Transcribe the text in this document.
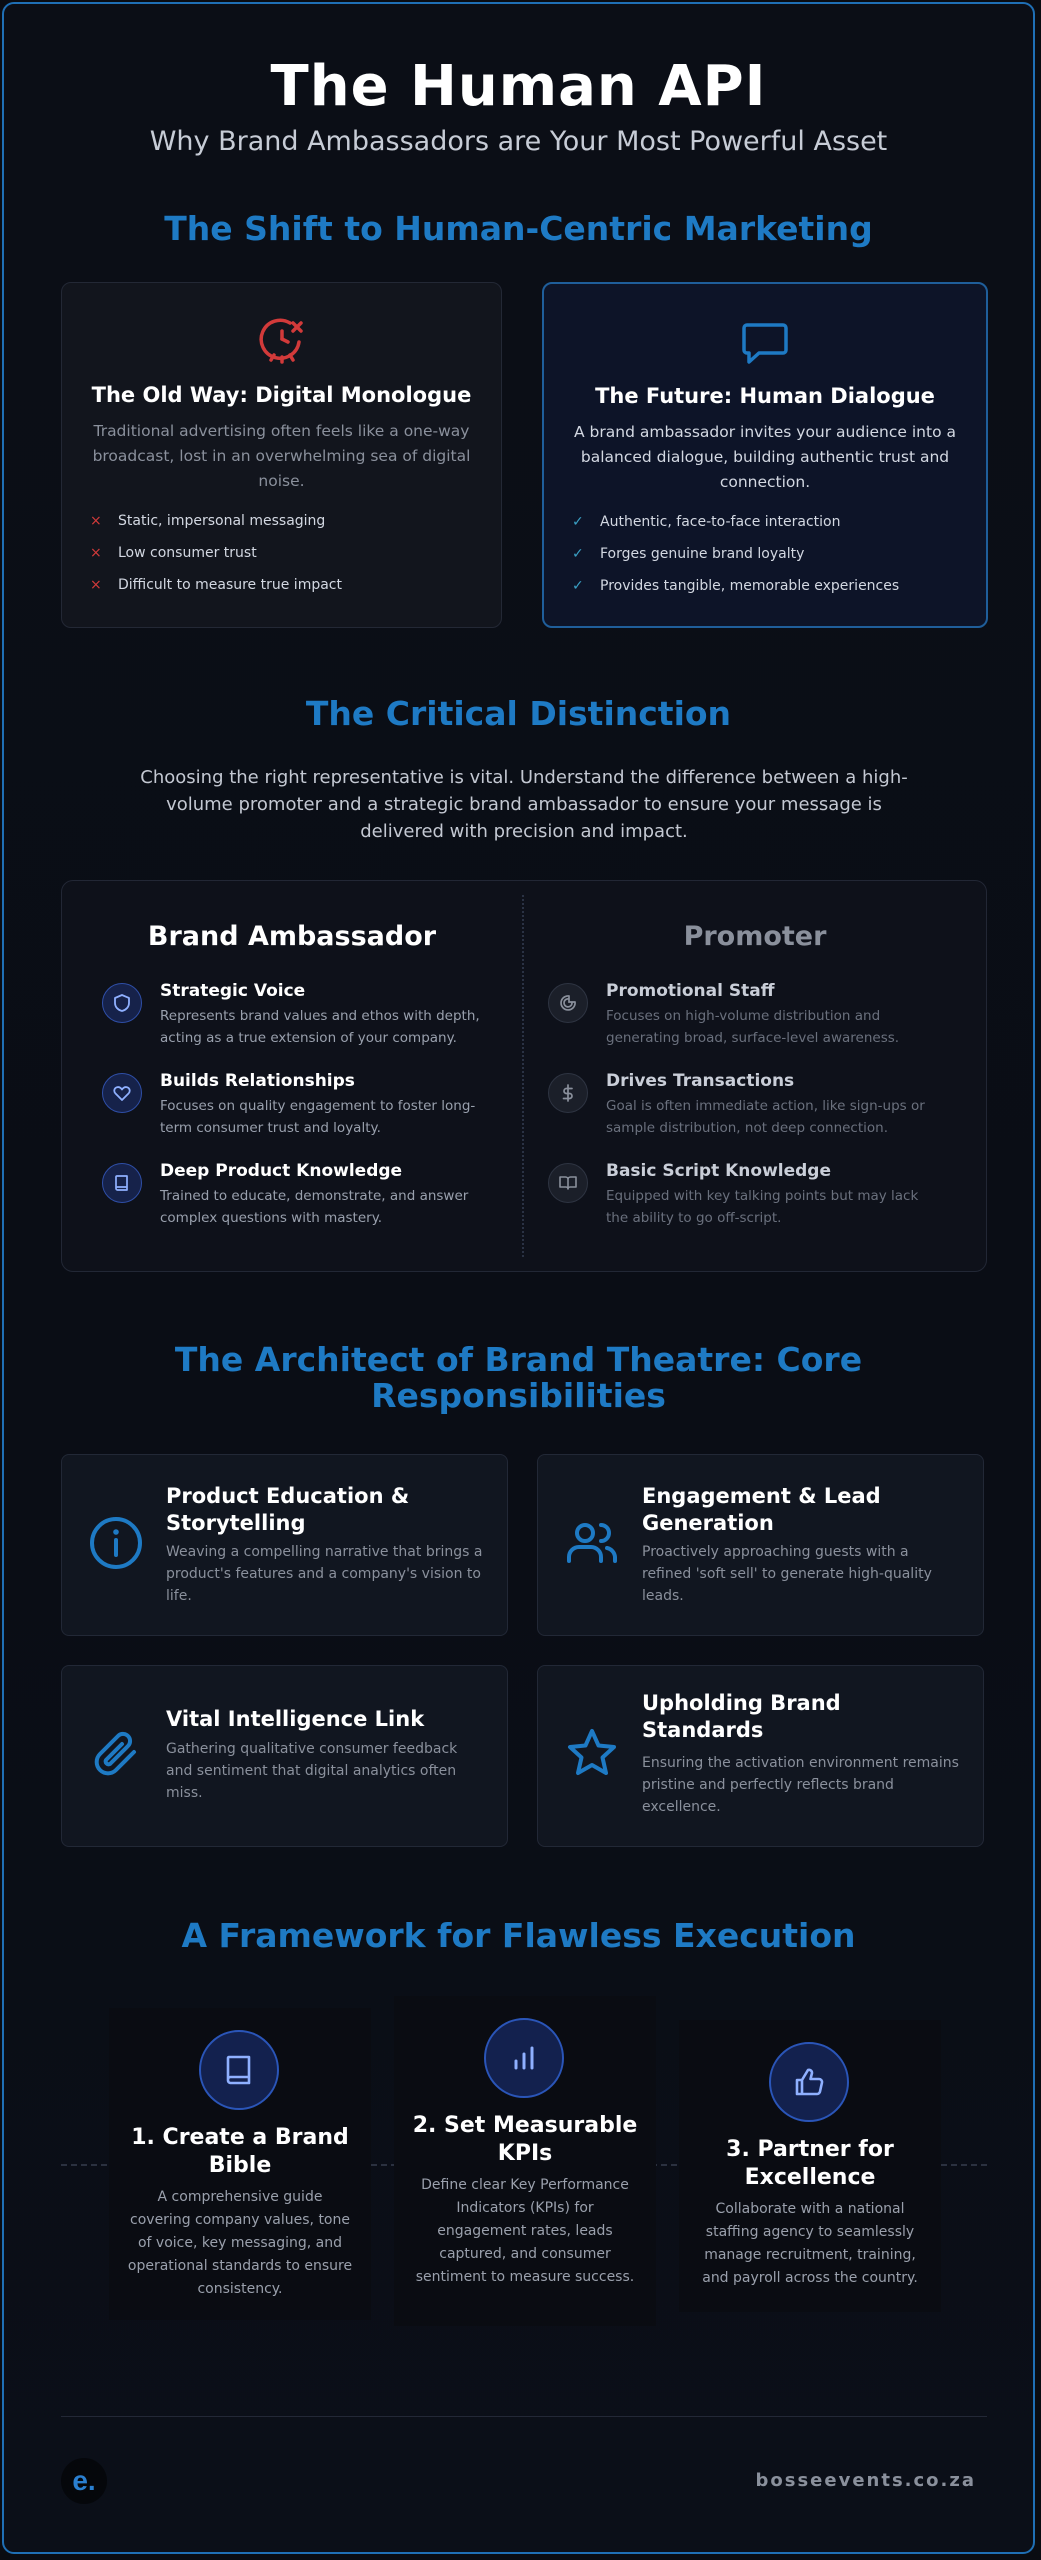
The Human API
Why Brand Ambassadors are Your Most Powerful Asset
The Shift to Human-Centric Marketing
The Old Way: Digital Monologue
Traditional advertising often feels like a one-way broadcast, lost in an overwhelming sea of digital noise.
× Static, impersonal messaging
× Low consumer trust
× Difficult to measure true impact
The Future: Human Dialogue
A brand ambassador invites your audience into a balanced dialogue, building authentic trust and connection.
✓ Authentic, face-to-face interaction
✓ Forges genuine brand loyalty
✓ Provides tangible, memorable experiences
The Critical Distinction
Choosing the right representative is vital. Understand the difference between a high-volume promoter and a strategic brand ambassador to ensure your message is delivered with precision and impact.
Brand Ambassador	Promoter
Strategic Voice
Represents brand values and ethos with depth, acting as a true extension of your company.
Builds Relationships
Focuses on quality engagement to foster long-term consumer trust and loyalty.
Deep Product Knowledge
Trained to educate, demonstrate, and answer complex questions with mastery.
Promotional Staff
Focuses on high-volume distribution and generating broad, surface-level awareness.
Drives Transactions
Goal is often immediate action, like sign-ups or sample distribution, not deep connection.
Basic Script Knowledge
Equipped with key talking points but may lack the ability to go off-script.
The Architect of Brand Theatre: Core
Responsibilities
Product Education & Storytelling
Weaving a compelling narrative that brings a product's features and a company's vision to life.
Engagement & Lead Generation
Proactively approaching guests with a refined 'soft sell' to generate high-quality leads.
Vital Intelligence Link
Gathering qualitative consumer feedback and sentiment that digital analytics often miss.
Upholding Brand Standards
Ensuring the activation environment remains pristine and perfectly reflects brand excellence.
A Framework for Flawless Execution
1. Create a Brand Bible
A comprehensive guide covering company values, tone of voice, key messaging, and operational standards to ensure consistency.
2. Set Measurable KPIs
Define clear Key Performance Indicators (KPIs) for engagement rates, leads captured, and consumer sentiment to measure success.
3. Partner for Excellence
Collaborate with a national staffing agency to seamlessly manage recruitment, training, and payroll across the country.
e.	bosseevents.co.za
